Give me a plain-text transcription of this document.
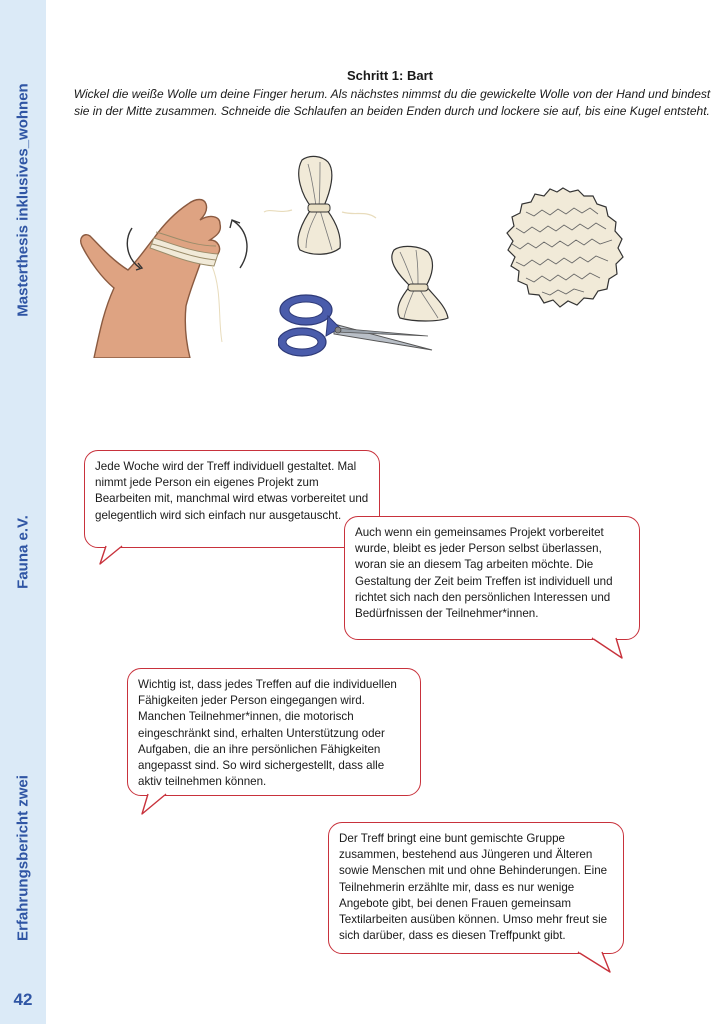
Masterthesis inklusives_wohnen
Fauna e.V.
Erfahrungsbericht zwei
42
Schritt 1: Bart
Wickel die weiße Wolle um deine Finger herum. Als nächstes nimmst du die gewickelte Wolle von der Hand und bindest sie in der Mitte zusammen. Schneide die Schlaufen an beiden Enden durch und lockere sie auf, bis eine Kugel entsteht.
Jede Woche wird der Treff individuell gestaltet. Mal nimmt jede Person ein eigenes Projekt zum Bearbeiten mit, manchmal wird etwas vorbereitet und gelegentlich wird sich einfach nur ausgetauscht.
Auch wenn ein gemeinsames Projekt vorbereitet wurde, bleibt es jeder Person selbst überlassen, woran sie an diesem Tag arbeiten möchte. Die Gestaltung der Zeit beim Treffen ist individuell und richtet sich nach den persönlichen Interessen und Bedürfnissen der Teilnehmer*innen.
Wichtig ist, dass jedes Treffen auf die individuellen Fähigkeiten jeder Person eingegangen wird. Manchen Teilnehmer*innen, die motorisch eingeschränkt sind, erhalten Unterstützung oder Aufgaben, die an ihre persönlichen Fähigkeiten angepasst sind. So wird sichergestellt, dass alle aktiv teilnehmen können.
Der Treff bringt eine bunt gemischte Gruppe zusammen, bestehend aus Jüngeren und Älteren sowie Menschen mit und ohne Behinderungen. Eine Teilnehmerin erzählte mir, dass es nur wenige Angebote gibt, bei denen Frauen gemeinsam Textilarbeiten ausüben können. Umso mehr freut sie sich darüber, dass es diesen Treffpunkt gibt.
